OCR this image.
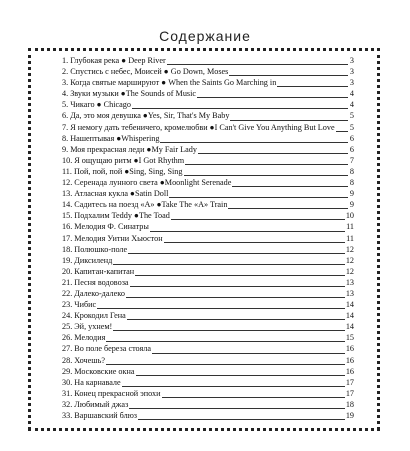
Содержание
1. Глубокая река ● Deep River	3
2. Спустись с небес, Моисей ● Go Down, Moses	3
3. Когда святые маршируют ● When the Saints Go Marching in	3
4. Звуки музыки ●The Sounds of Music	4
5. Чикаго ● Chicago	4
6. Да, это моя девушка ●Yes, Sir, That's My Baby	5
7. Я немогу дать тебеничего, кромелюбви ●I Can't Give You Anything But Love 5
8. Нашептывая ●Whispering	6
9. Моя прекрасная леди ●My Fair Lady	6
10. Я ощущаю ритм ●I Got Rhythm	7
11. Пой, пой, пой ●Sing, Sing, Sing	8
12. Серенада лунного света ●Moonlight Serenade	8
13. Атласная кукла ●Satin Doll	9
14. Садитесь на поезд «A» ●Take The «A» Train	9
15. Подхалим Teddy ●The Toad	10
16. Мелодия Ф. Синатры	11
17. Мелодия Уитни Хьюстон	11
18. Полюшко-поле	12
19. Диксиленд	12
20. Капитан-капитан	12
21. Песня водовоза	13
22. Далеко-далеко	13
23. Чибис	14
24. Крокодил Гена	14
25. Эй, ухнем!	14
26. Мелодия	15
27. Во поле береза стояла	16
28. Хочешь?	16
29. Московские окна	16
30. На карнавале	17
31. Конец прекрасной эпохи	17
32. Любимый джаз	18
33. Варшавский блюз	19
